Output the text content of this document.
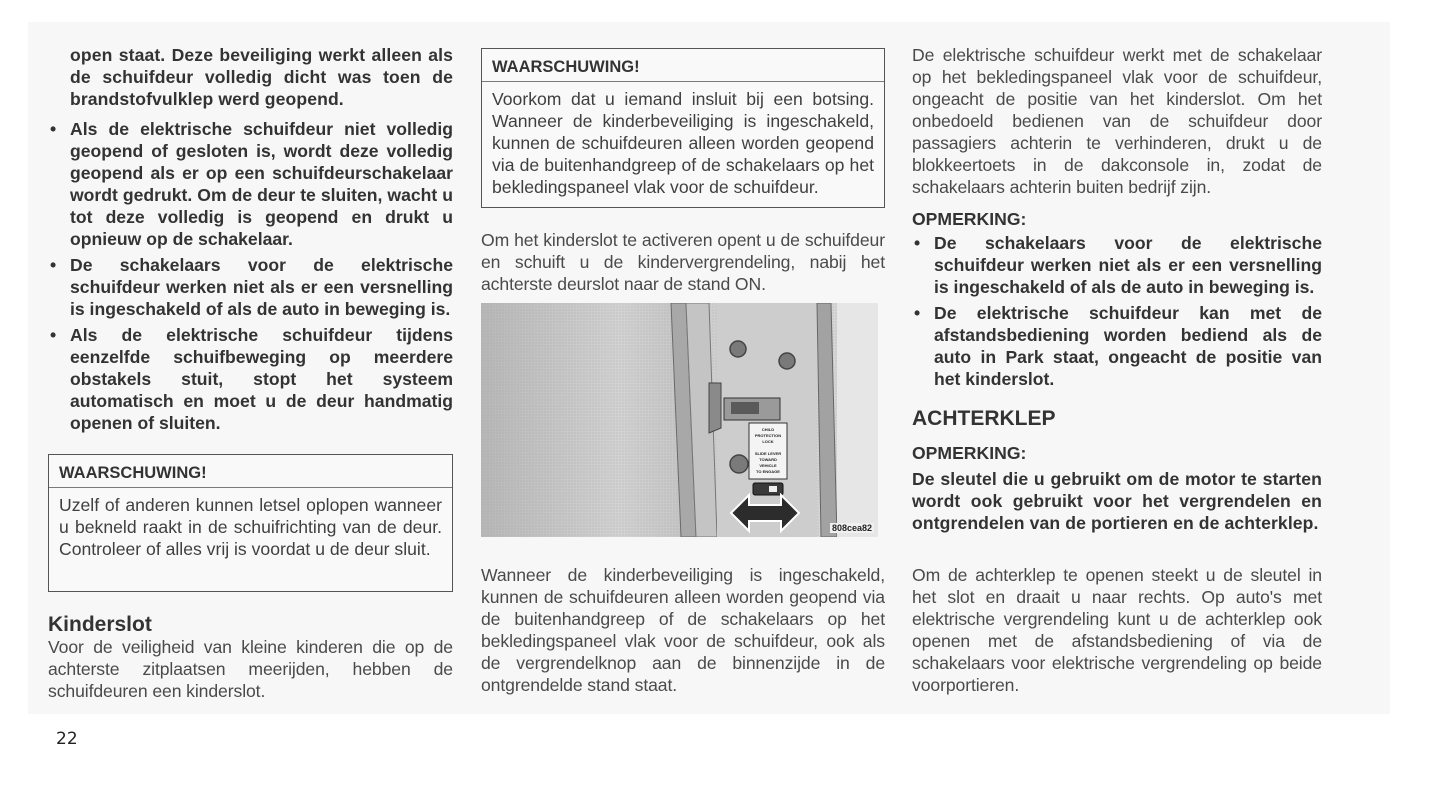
open staat. Deze beveiliging werkt alleen als de schuifdeur volledig dicht was toen de brandstofvulklep werd geopend.

• Als de elektrische schuifdeur niet volledig geopend of gesloten is, wordt deze volledig geopend als er op een schuifdeurschakelaar wordt gedrukt. Om de deur te sluiten, wacht u tot deze volledig is geopend en drukt u opnieuw op de schakelaar.
• De schakelaars voor de elektrische schuifdeur werken niet als er een versnelling is ingeschakeld of als de auto in beweging is.
• Als de elektrische schuifdeur tijdens eenzelfde schuifbeweging op meerdere obstakels stuit, stopt het systeem automatisch en moet u de deur handmatig openen of sluiten.
WAARSCHUWING!
Uzelf of anderen kunnen letsel oplopen wanneer u bekneld raakt in de schuifrichting van de deur. Controleer of alles vrij is voordat u de deur sluit.
Kinderslot

Voor de veiligheid van kleine kinderen die op de achterste zitplaatsen meerijden, hebben de schuifdeuren een kinderslot.

WAARSCHUWING!
Voorkom dat u iemand insluit bij een botsing. Wanneer de kinderbeveiliging is ingeschakeld, kunnen de schuifdeuren alleen worden geopend via de buitenhandgreep of de schakelaars op het bekledingspaneel vlak voor de schuifdeur.

Om het kinderslot te activeren opent u de schuifdeur en schuift u de kindervergrendeling, nabij het achterste deurslot naar de stand ON.

CHILD
PROTECTION
LOCK
SLIDE LEVER
TOWARD
VEHICLE
TO ENGAGE
808cea82

Wanneer de kinderbeveiliging is ingeschakeld, kunnen de schuifdeuren alleen worden geopend via de buitenhandgreep of de schakelaars op het bekledingspaneel vlak voor de schuifdeur, ook als de vergrendelknop aan de binnenzijde in de ontgrendelde stand staat.

De elektrische schuifdeur werkt met de schakelaar op het bekledingspaneel vlak voor de schuifdeur, ongeacht de positie van het kinderslot. Om het onbedoeld bedienen van de schuifdeur door passagiers achterin te verhinderen, drukt u de blokkeertoets in de dakconsole in, zodat de schakelaars achterin buiten bedrijf zijn.

OPMERKING:
• De schakelaars voor de elektrische schuifdeur werken niet als er een versnelling is ingeschakeld of als de auto in beweging is.
• De elektrische schuifdeur kan met de afstandsbediening worden bediend als de auto in Park staat, ongeacht de positie van het kinderslot.
ACHTERKLEP
OPMERKING:

De sleutel die u gebruikt om de motor te starten wordt ook gebruikt voor het vergrendelen en ontgrendelen van de portieren en de achterklep.

Om de achterklep te openen steekt u de sleutel in het slot en draait u naar rechts. Op auto's met elektrische vergrendeling kunt u de achterklep ook openen met de afstandsbediening of via de schakelaars voor elektrische vergrendeling op beide voorportieren.

22
